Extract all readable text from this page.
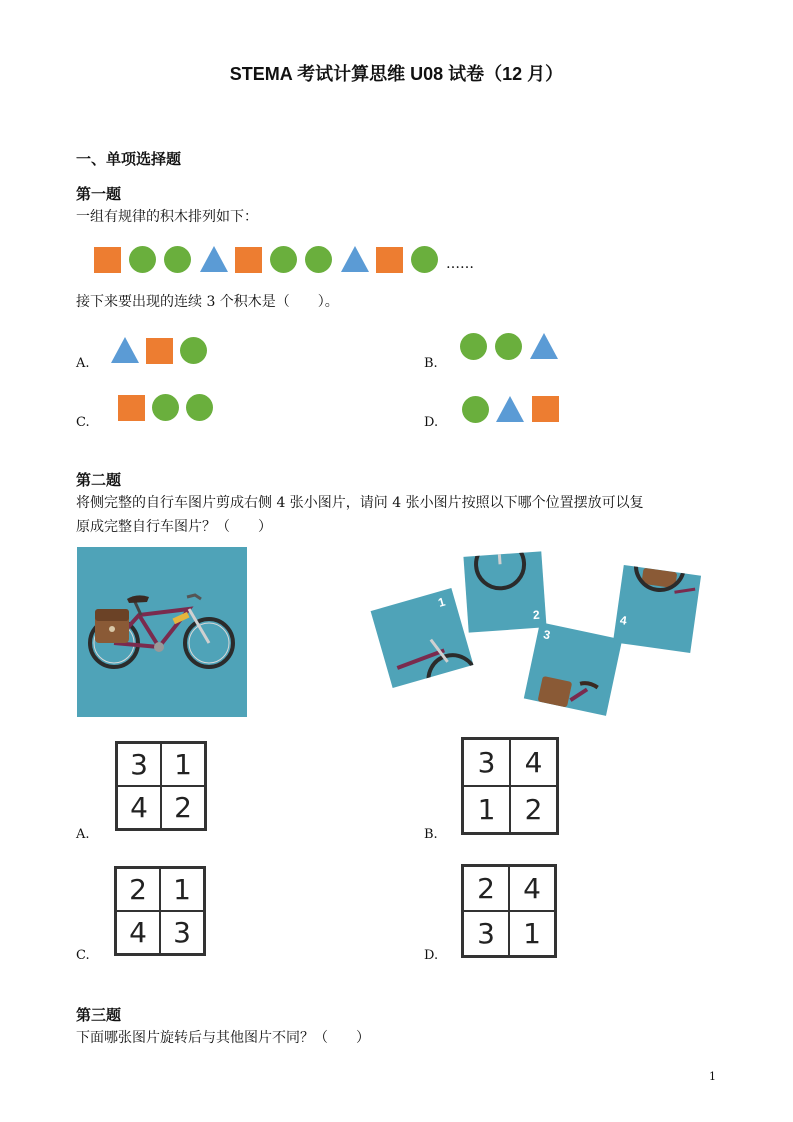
STEMA 考试计算思维 U08 试卷（12 月）
一、单项选择题
第一题
一组有规律的积木排列如下：
……
接下来要出现的连续 3 个积木是（　　）。
A.	B.
C.	D.
第二题
将侧完整的自行车图片剪成右侧 4 张小图片，请问 4 张小图片按照以下哪个位置摆放可以复
原成完整自行车图片？（　　）
1
2
3
4
A.
3 1
4 2
B.
3	4
1	2
C.
2 1
4 3
D.
2	4
3	1
第三题
下面哪张图片旋转后与其他图片不同？（　　）
1
